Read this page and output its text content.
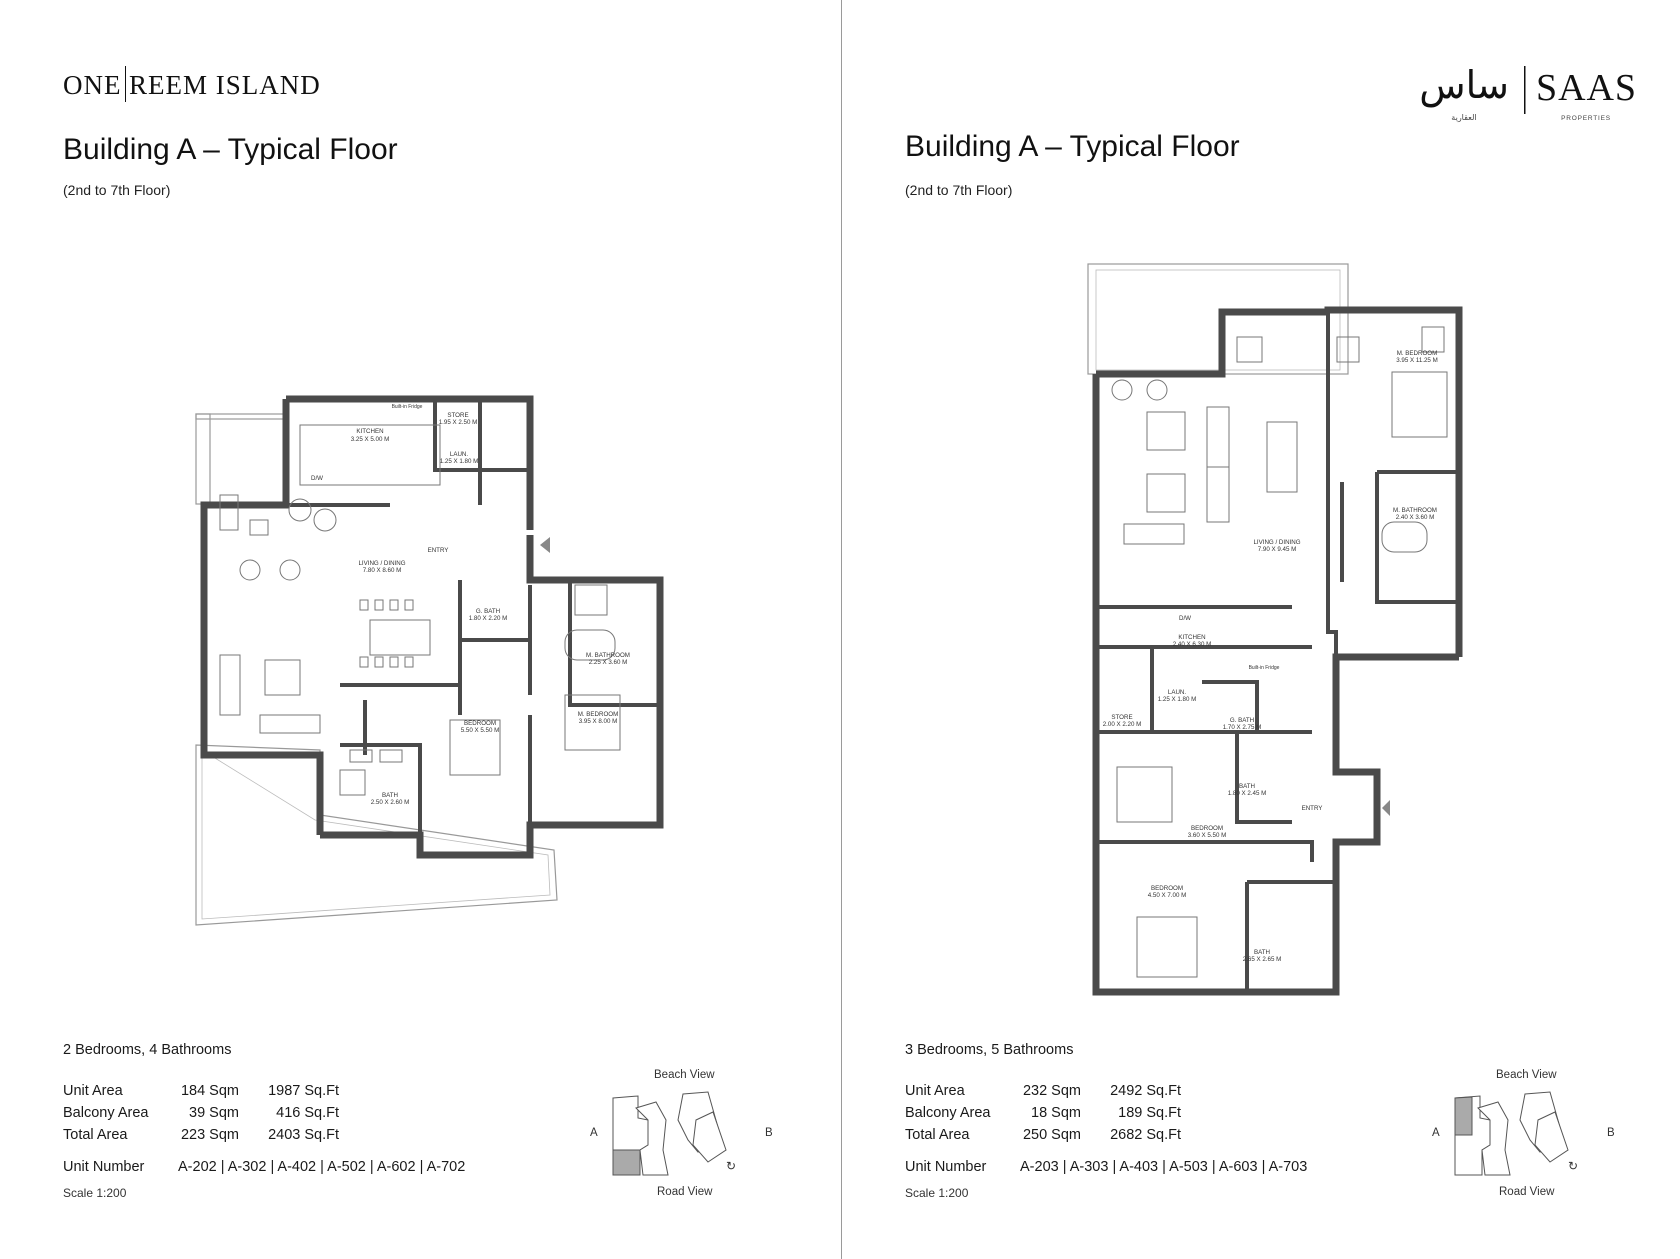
ONE REEM ISLAND
Building A – Typical Floor
(2nd to 7th Floor)
KITCHEN
3.25 X 5.00 M
STORE
1.95 X 2.50 M
LAUN.
1.25 X 1.80 M
Built-in Fridge
D/W
ENTRY
LIVING / DINING
7.80 X 8.60 M
G. BATH
1.80 X 2.20 M
M. BATHROOM
2.25 X 3.60 M
BEDROOM
5.50 X 5.50 M
M. BEDROOM
3.95 X 8.00 M
BATH
2.50 X 2.60 M
2 Bedrooms, 4 Bathrooms
Unit Area	184 Sqm 1987 Sq.Ft
Balcony Area	39 Sqm	416 Sq.Ft
Total Area	223 Sqm 2403 Sq.Ft
Unit Number A-202 | A-302 | A-402 | A-502 | A-602 | A-702
Scale 1:200
Beach View
Road View
A	B
↻
ساس
العقارية
SAAS
PROPERTIES
Building A – Typical Floor
(2nd to 7th Floor)
M. BEDROOM
3.95 X 11.25 M
LIVING / DINING
7.90 X 9.45 M
M. BATHROOM
2.40 X 3.60 M
D/W
KITCHEN
2.40 X 6.30 M
LAUN.
1.25 X 1.80 M
Built-in Fridge
STORE
2.00 X 2.20 M
G. BATH
1.70 X 2.75 M
BATH
1.80 X 2.45 M
ENTRY
BEDROOM
3.60 X 5.50 M
BEDROOM
4.50 X 7.00 M
BATH
2.65 X 2.65 M
3 Bedrooms, 5 Bathrooms
Unit Area	232 Sqm 2492 Sq.Ft
Balcony Area	18 Sqm	189 Sq.Ft
Total Area	250 Sqm 2682 Sq.Ft
Unit Number A-203 | A-303 | A-403 | A-503 | A-603 | A-703
Scale 1:200
Beach View
Road View
A	B
↻
